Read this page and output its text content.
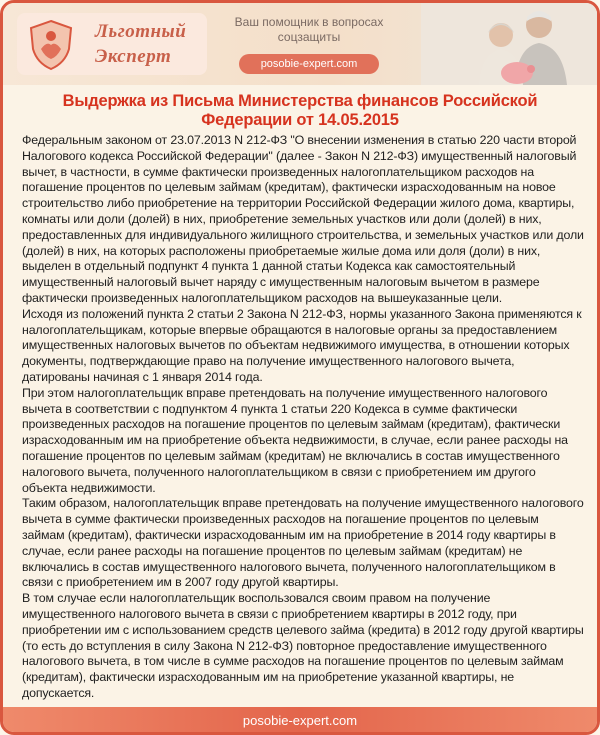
Льготный
Эксперт
Ваш помощник в вопросах
соцзащиты
posobie-expert.com
Выдержка из Письма Министерства финансов Российской Федерации от 14.05.2015

Федеральным законом от 23.07.2013 N 212-ФЗ "О внесении изменения в статью 220 части второй Налогового кодекса Российской Федерации" (далее - Закон N 212-ФЗ) имущественный налоговый вычет, в частности, в сумме фактически произведенных налогоплательщиком расходов на погашение процентов по целевым займам (кредитам), фактически израсходованным на новое строительство либо приобретение на территории Российской Федерации жилого дома, квартиры, комнаты или доли (долей) в них, приобретение земельных участков или доли (долей) в них, предоставленных для индивидуального жилищного строительства, и земельных участков или доли (долей) в них, на которых расположены приобретаемые жилые дома или доля (доли) в них, выделен в отдельный подпункт 4 пункта 1 данной статьи Кодекса как самостоятельный имущественный налоговый вычет наряду с имущественным налоговым вычетом в размере фактически произведенных налогоплательщиком расходов на вышеуказанные цели.

Исходя из положений пункта 2 статьи 2 Закона N 212-ФЗ, нормы указанного Закона применяются к налогоплательщикам, которые впервые обращаются в налоговые органы за предоставлением имущественных налоговых вычетов по объектам недвижимого имущества, в отношении которых документы, подтверждающие право на получение имущественного налогового вычета, датированы начиная с 1 января 2014 года.

При этом налогоплательщик вправе претендовать на получение имущественного налогового вычета в соответствии с подпунктом 4 пункта 1 статьи 220 Кодекса в сумме фактически произведенных расходов на погашение процентов по целевым займам (кредитам), фактически израсходованным им на приобретение объекта недвижимости, в случае, если ранее расходы на погашение процентов по целевым займам (кредитам) не включались в состав имущественного налогового вычета, полученного налогоплательщиком в связи с приобретением им другого объекта недвижимости.

Таким образом, налогоплательщик вправе претендовать на получение имущественного налогового вычета в сумме фактически произведенных расходов на погашение процентов по целевым займам (кредитам), фактически израсходованным им на приобретение в 2014 году квартиры в случае, если ранее расходы на погашение процентов по целевым займам (кредитам) не включались в состав имущественного налогового вычета, полученного налогоплательщиком в связи с приобретением им в 2007 году другой квартиры.

В том случае если налогоплательщик воспользовался своим правом на получение имущественного налогового вычета в связи с приобретением квартиры в 2012 году, при приобретении им с использованием средств целевого займа (кредита) в 2012 году другой квартиры (то есть до вступления в силу Закона N 212-ФЗ) повторное предоставление имущественного налогового вычета, в том числе в сумме расходов на погашение процентов по целевым займам (кредитам), фактически израсходованным им на приобретение указанной квартиры, не допускается.

posobie-expert.com
